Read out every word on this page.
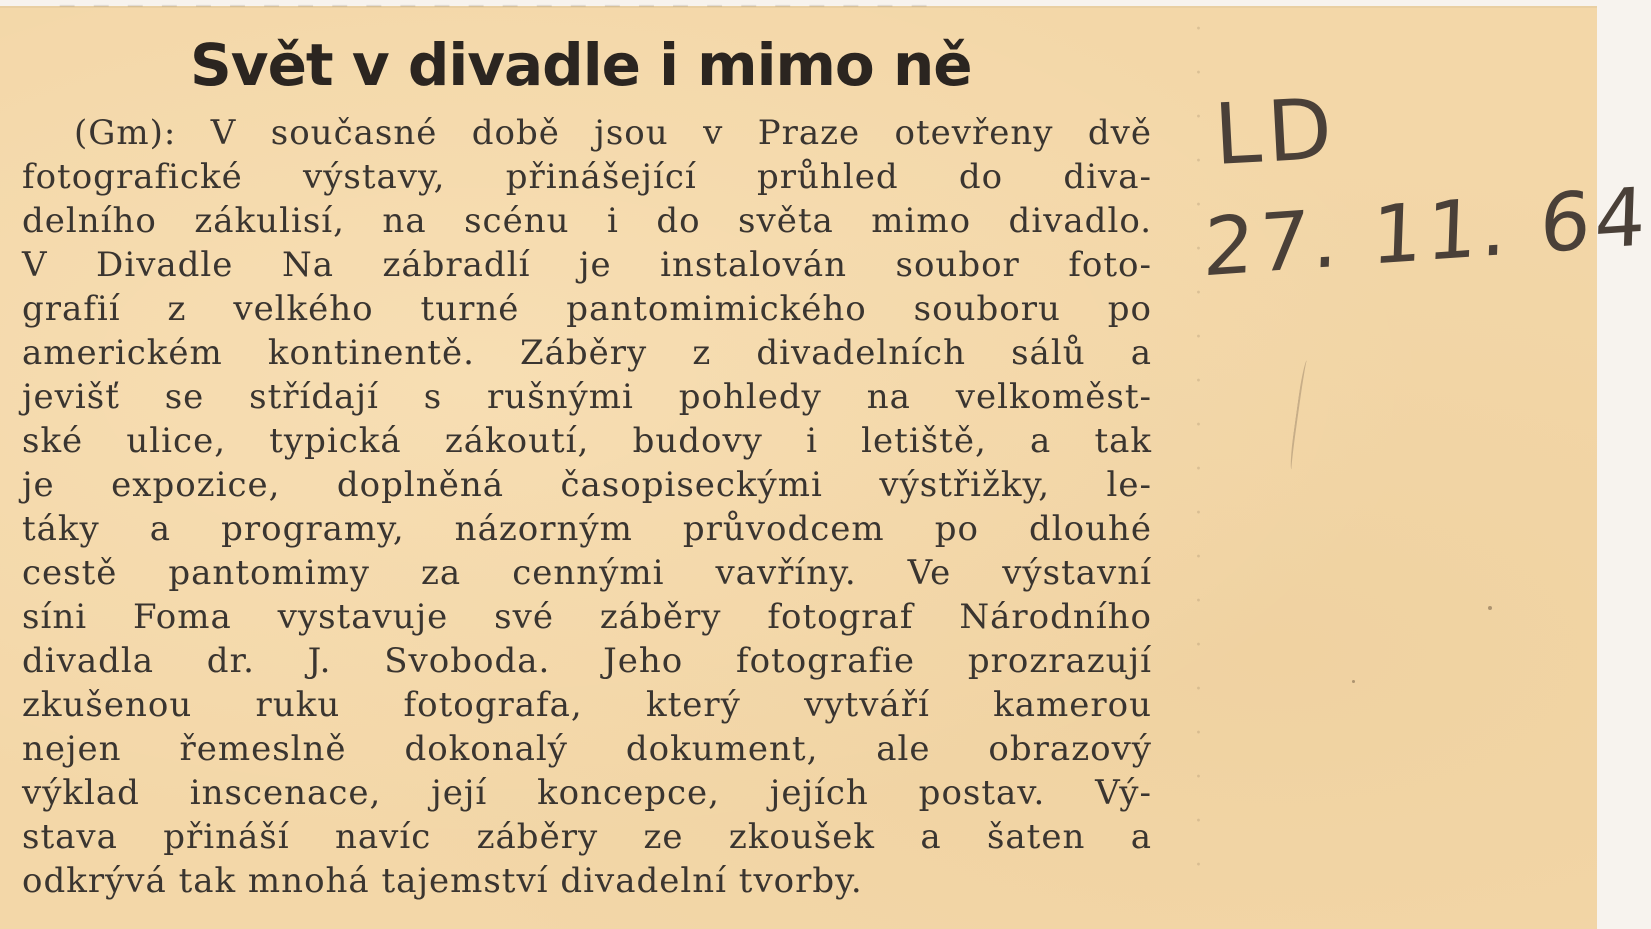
─ ─ ─ ─ ─ ─ ─ ─ ─ ─ ─ ─ ─ ─ ─ ─ ─ ─ ─ ─ ─ ─ ─ ─ ─ ─
·
·
·
·
·
·
·
·
·
·
·
·
·
·
·
·
·
·
·
·
Svět v divadle i mimo ně
(Gm): V současné době jsou v Praze otevřeny dvě
fotografické výstavy, přinášející průhled do diva-
delního zákulisí, na scénu i do světa mimo divadlo.
V Divadle Na zábradlí je instalován soubor foto-
grafií z velkého turné pantomimického souboru po
americkém kontinentě. Záběry z divadelních sálů a
jevišť se střídají s rušnými pohledy na velkoměst-
ské ulice, typická zákoutí, budovy i letiště, a tak
je expozice, doplněná časopiseckými výstřižky, le-
táky a programy, názorným průvodcem po dlouhé
cestě pantomimy za cennými vavříny. Ve výstavní
síni Foma vystavuje své záběry fotograf Národního
divadla dr. J. Svoboda. Jeho fotografie prozrazují
zkušenou ruku fotografa, který vytváří kamerou
nejen řemeslně dokonalý dokument, ale obrazový
výklad inscenace, její koncepce, jejích postav. Vý-
stava přináší navíc záběry ze zkoušek a šaten a
odkrývá tak mnohá tajemství divadelní tvorby.
LD
27. 11. 64
